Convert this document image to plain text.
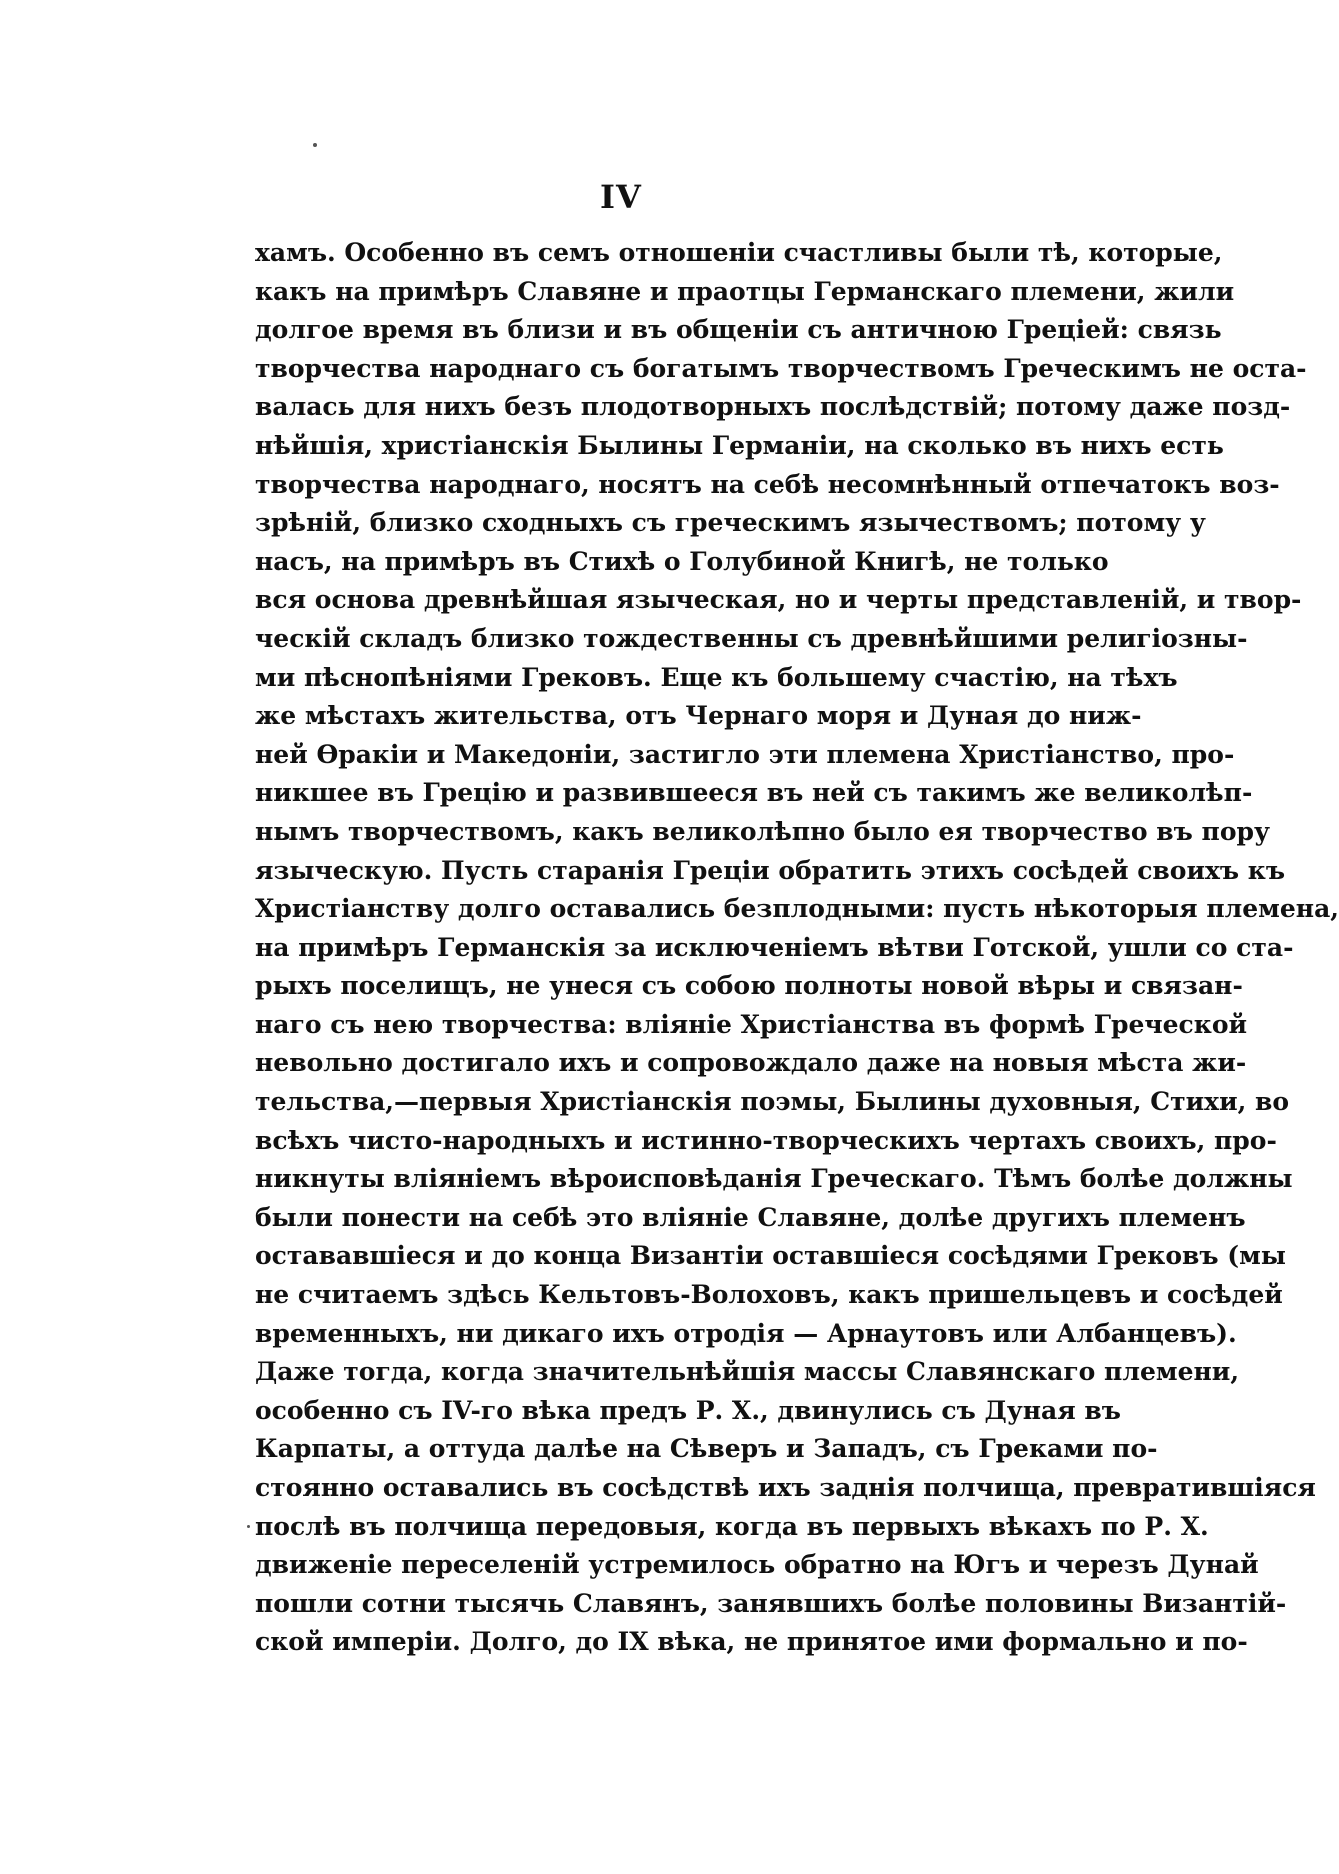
IV
хамъ. Особенно въ семъ отношеніи счастливы были тѣ, которые,
какъ на примѣръ Славяне и праотцы Германскаго племени, жили
долгое время въ близи и въ общеніи съ античною Греціей: связь
творчества народнаго съ богатымъ творчествомъ Греческимъ не оста-
валась для нихъ безъ плодотворныхъ послѣдствій; потому даже позд-
нѣйшія, христіанскія Былины Германіи, на сколько въ нихъ есть
творчества народнаго, носятъ на себѣ несомнѣнный отпечатокъ воз-
зрѣній, близко сходныхъ съ греческимъ язычествомъ; потому у
насъ, на примѣръ въ Стихѣ о Голубиной Книгѣ, не только
вся основа древнѣйшая языческая, но и черты представленій, и твор-
ческій складъ близко тождественны съ древнѣйшими религіозны-
ми пѣснопѣніями Грековъ. Еще къ большему счастію, на тѣхъ
же мѣстахъ жительства, отъ Чернаго моря и Дуная до ниж-
ней Ѳракіи и Македоніи, застигло эти племена Христіанство, про-
никшее въ Грецію и развившееся въ ней съ такимъ же великолѣп-
нымъ творчествомъ, какъ великолѣпно было ея творчество въ пору
языческую. Пусть старанія Греціи обратить этихъ сосѣдей своихъ къ
Христіанству долго оставались безплодными: пусть нѣкоторыя племена,
на примѣръ Германскія за исключеніемъ вѣтви Готской, ушли со ста-
рыхъ поселищъ, не унеся съ собою полноты новой вѣры и связан-
наго съ нею творчества: вліяніе Христіанства въ формѣ Греческой
невольно достигало ихъ и сопровождало даже на новыя мѣста жи-
тельства,—первыя Христіанскія поэмы, Былины духовныя, Стихи, во
всѣхъ чисто-народныхъ и истинно-творческихъ чертахъ своихъ, про-
никнуты вліяніемъ вѣроисповѣданія Греческаго. Тѣмъ болѣе должны
были понести на себѣ это вліяніе Славяне, долѣе другихъ племенъ
остававшіеся и до конца Византіи оставшіеся сосѣдями Грековъ (мы
не считаемъ здѣсь Кельтовъ-Волоховъ, какъ пришельцевъ и сосѣдей
временныхъ, ни дикаго ихъ отродія — Арнаутовъ или Албанцевъ).
Даже тогда, когда значительнѣйшія массы Славянскаго племени,
особенно съ IV-го вѣка предъ Р. Х., двинулись съ Дуная въ
Карпаты, а оттуда далѣе на Сѣверъ и Западъ, съ Греками по-
стоянно оставались въ сосѣдствѣ ихъ заднія полчища, превратившіяся
послѣ въ полчища передовыя, когда въ первыхъ вѣкахъ по Р. Х.
движеніе переселеній устремилось обратно на Югъ и черезъ Дунай
пошли сотни тысячь Славянъ, занявшихъ болѣе половины Византій-
ской имперіи. Долго, до IX вѣка, не принятое ими формально и по-
